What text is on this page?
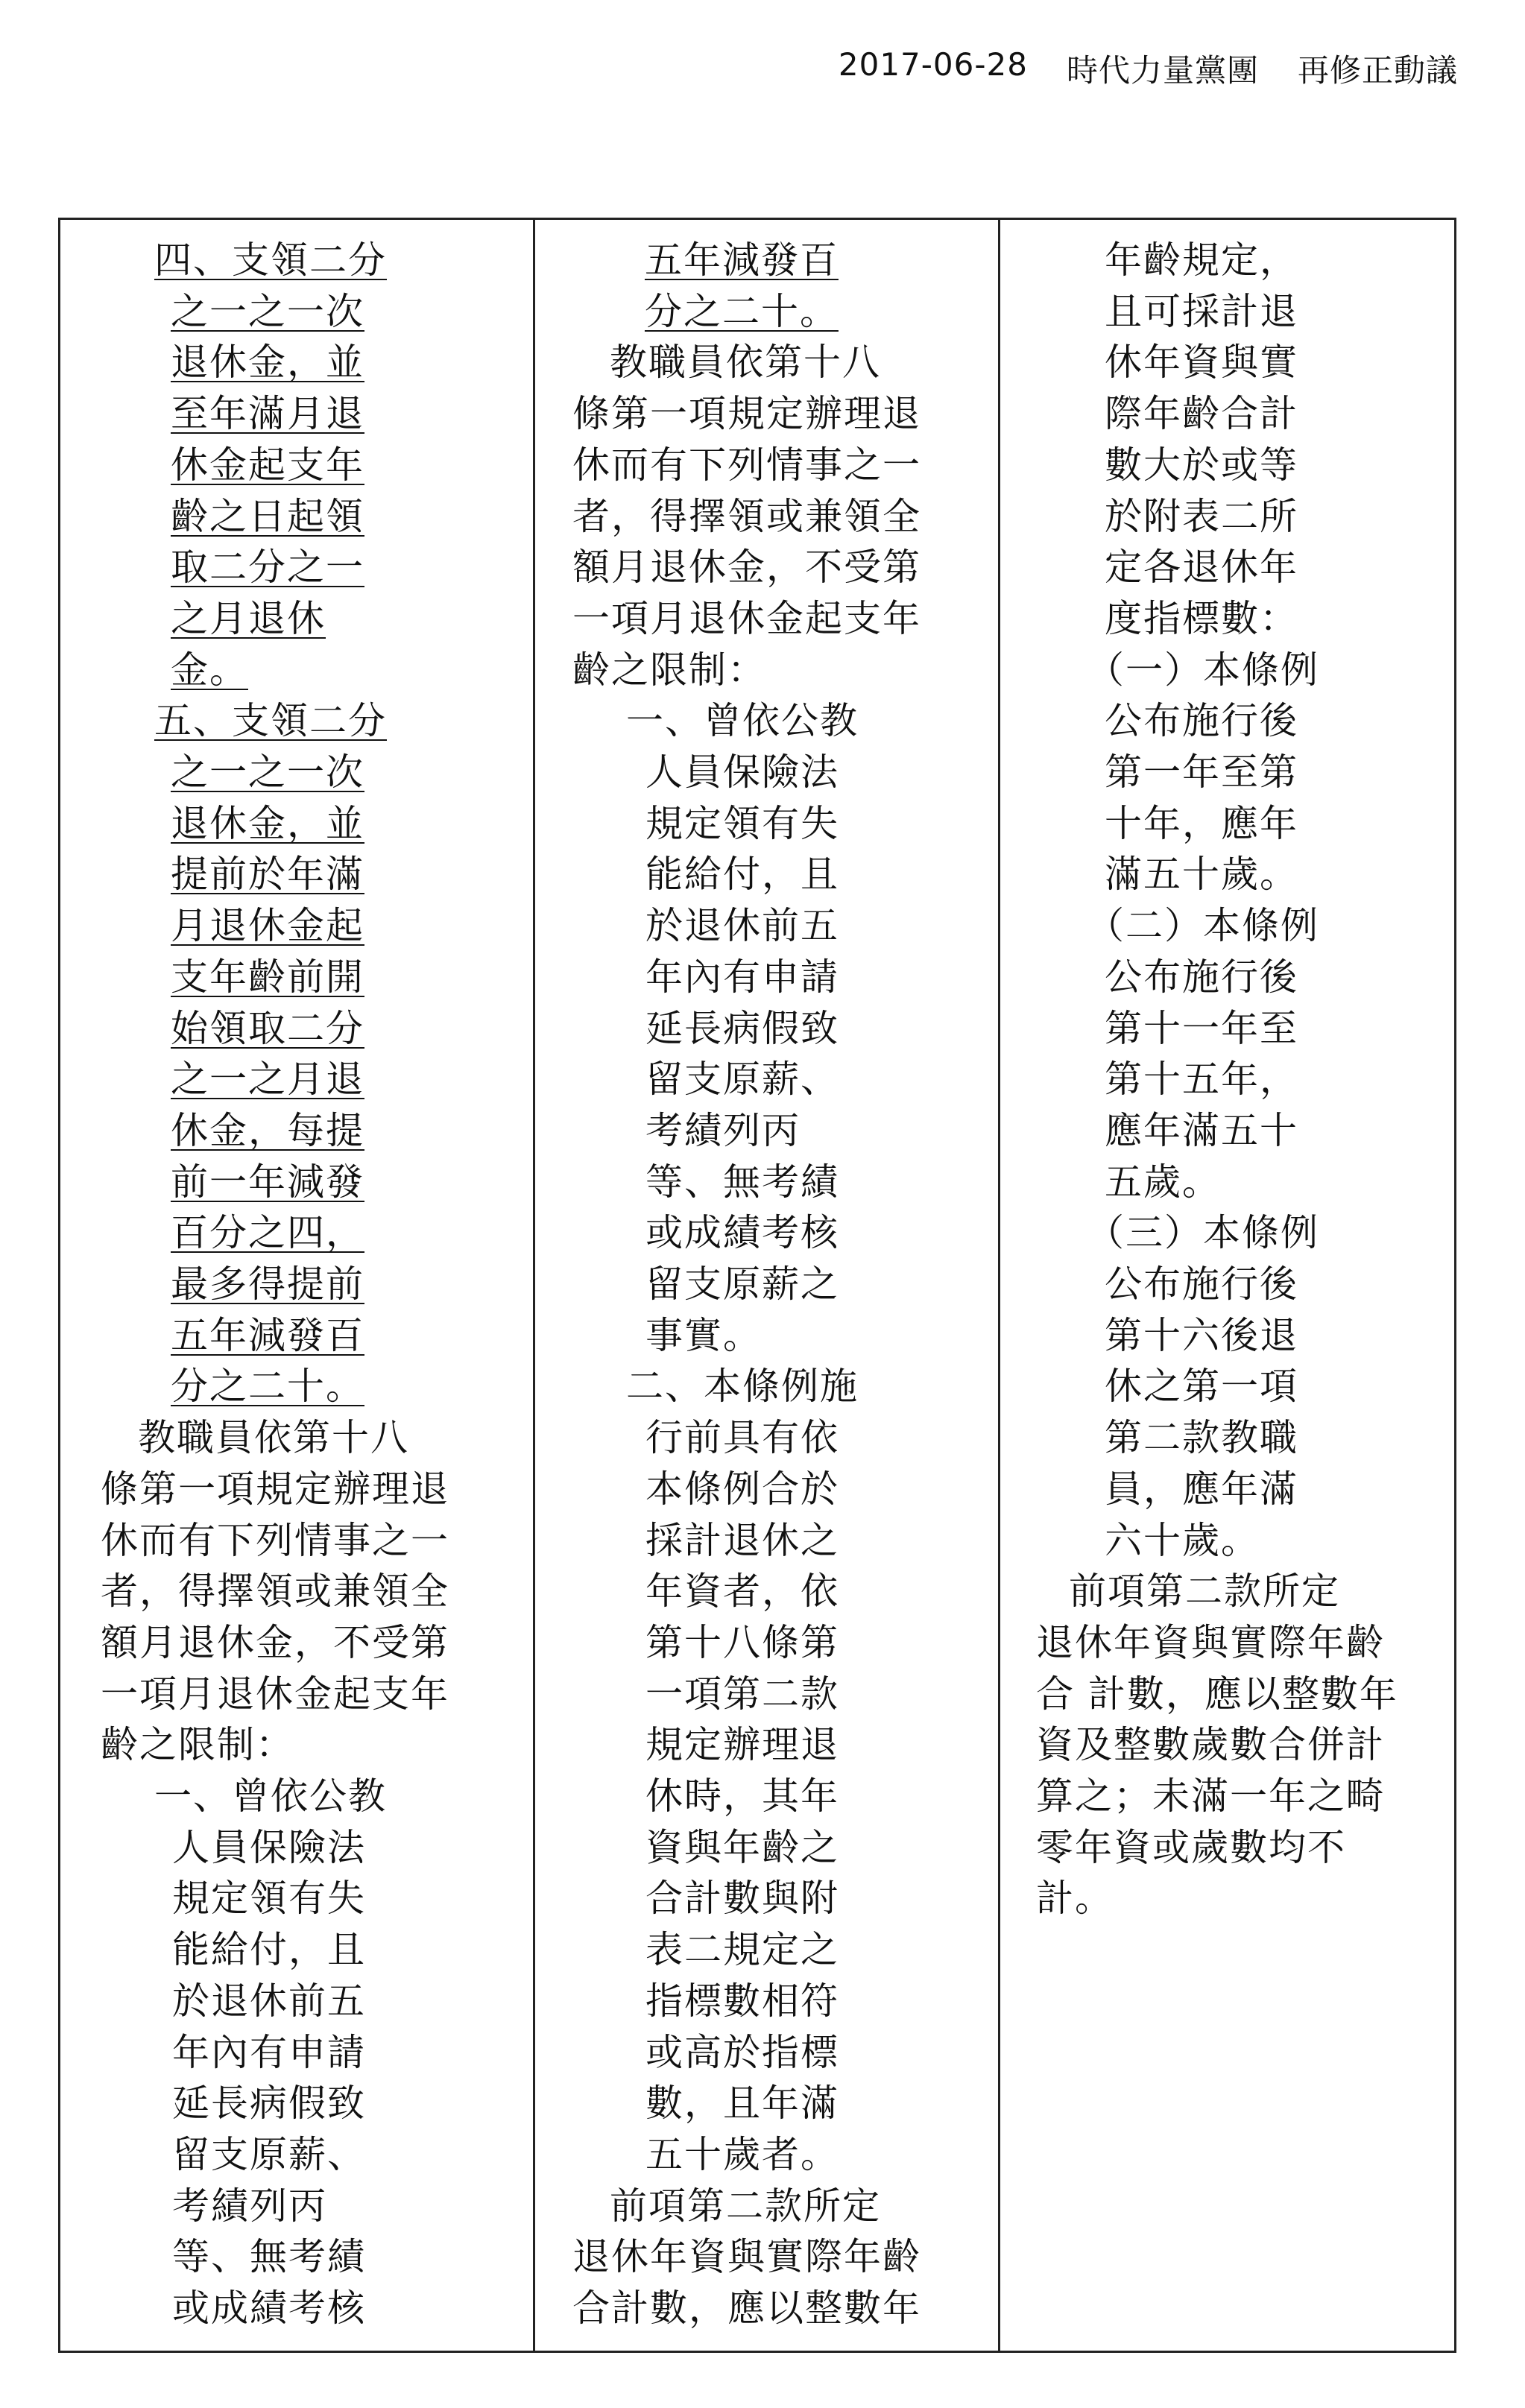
2017-06-28 時代力量黨團 再修正動議
四、支領二分
之一之一次
退休金，並
至年滿月退
休金起支年
齡之日起領
取二分之一
之月退休
金。
五、支領二分
之一之一次
退休金，並
提前於年滿
月退休金起
支年齡前開
始領取二分
之一之月退
休金，每提
前一年減發
百分之四，
最多得提前
五年減發百
分之二十。
教職員依第十八
條第一項規定辦理退
休而有下列情事之一
者，得擇領或兼領全
額月退休金，不受第
一項月退休金起支年
齡之限制：
一、曾依公教
人員保險法
規定領有失
能給付，且
於退休前五
年內有申請
延長病假致
留支原薪、
考績列丙
等、無考績
或成績考核
五年減發百
分之二十。
教職員依第十八
條第一項規定辦理退
休而有下列情事之一
者，得擇領或兼領全
額月退休金，不受第
一項月退休金起支年
齡之限制：
一、曾依公教
人員保險法
規定領有失
能給付，且
於退休前五
年內有申請
延長病假致
留支原薪、
考績列丙
等、無考績
或成績考核
留支原薪之
事實。
二、本條例施
行前具有依
本條例合於
採計退休之
年資者，依
第十八條第
一項第二款
規定辦理退
休時，其年
資與年齡之
合計數與附
表二規定之
指標數相符
或高於指標
數，且年滿
五十歲者。
前項第二款所定
退休年資與實際年齡
合計數，應以整數年
年齡規定，
且可採計退
休年資與實
際年齡合計
數大於或等
於附表二所
定各退休年
度指標數：
（一）本條例
公布施行後
第一年至第
十年，應年
滿五十歲。
（二）本條例
公布施行後
第十一年至
第十五年，
應年滿五十
五歲。
（三）本條例
公布施行後
第十六後退
休之第一項
第二款教職
員，應年滿
六十歲。
前項第二款所定
退休年資與實際年齡
合 計數，應以整數年
資及整數歲數合併計
算之；未滿一年之畸
零年資或歲數均不
計。
